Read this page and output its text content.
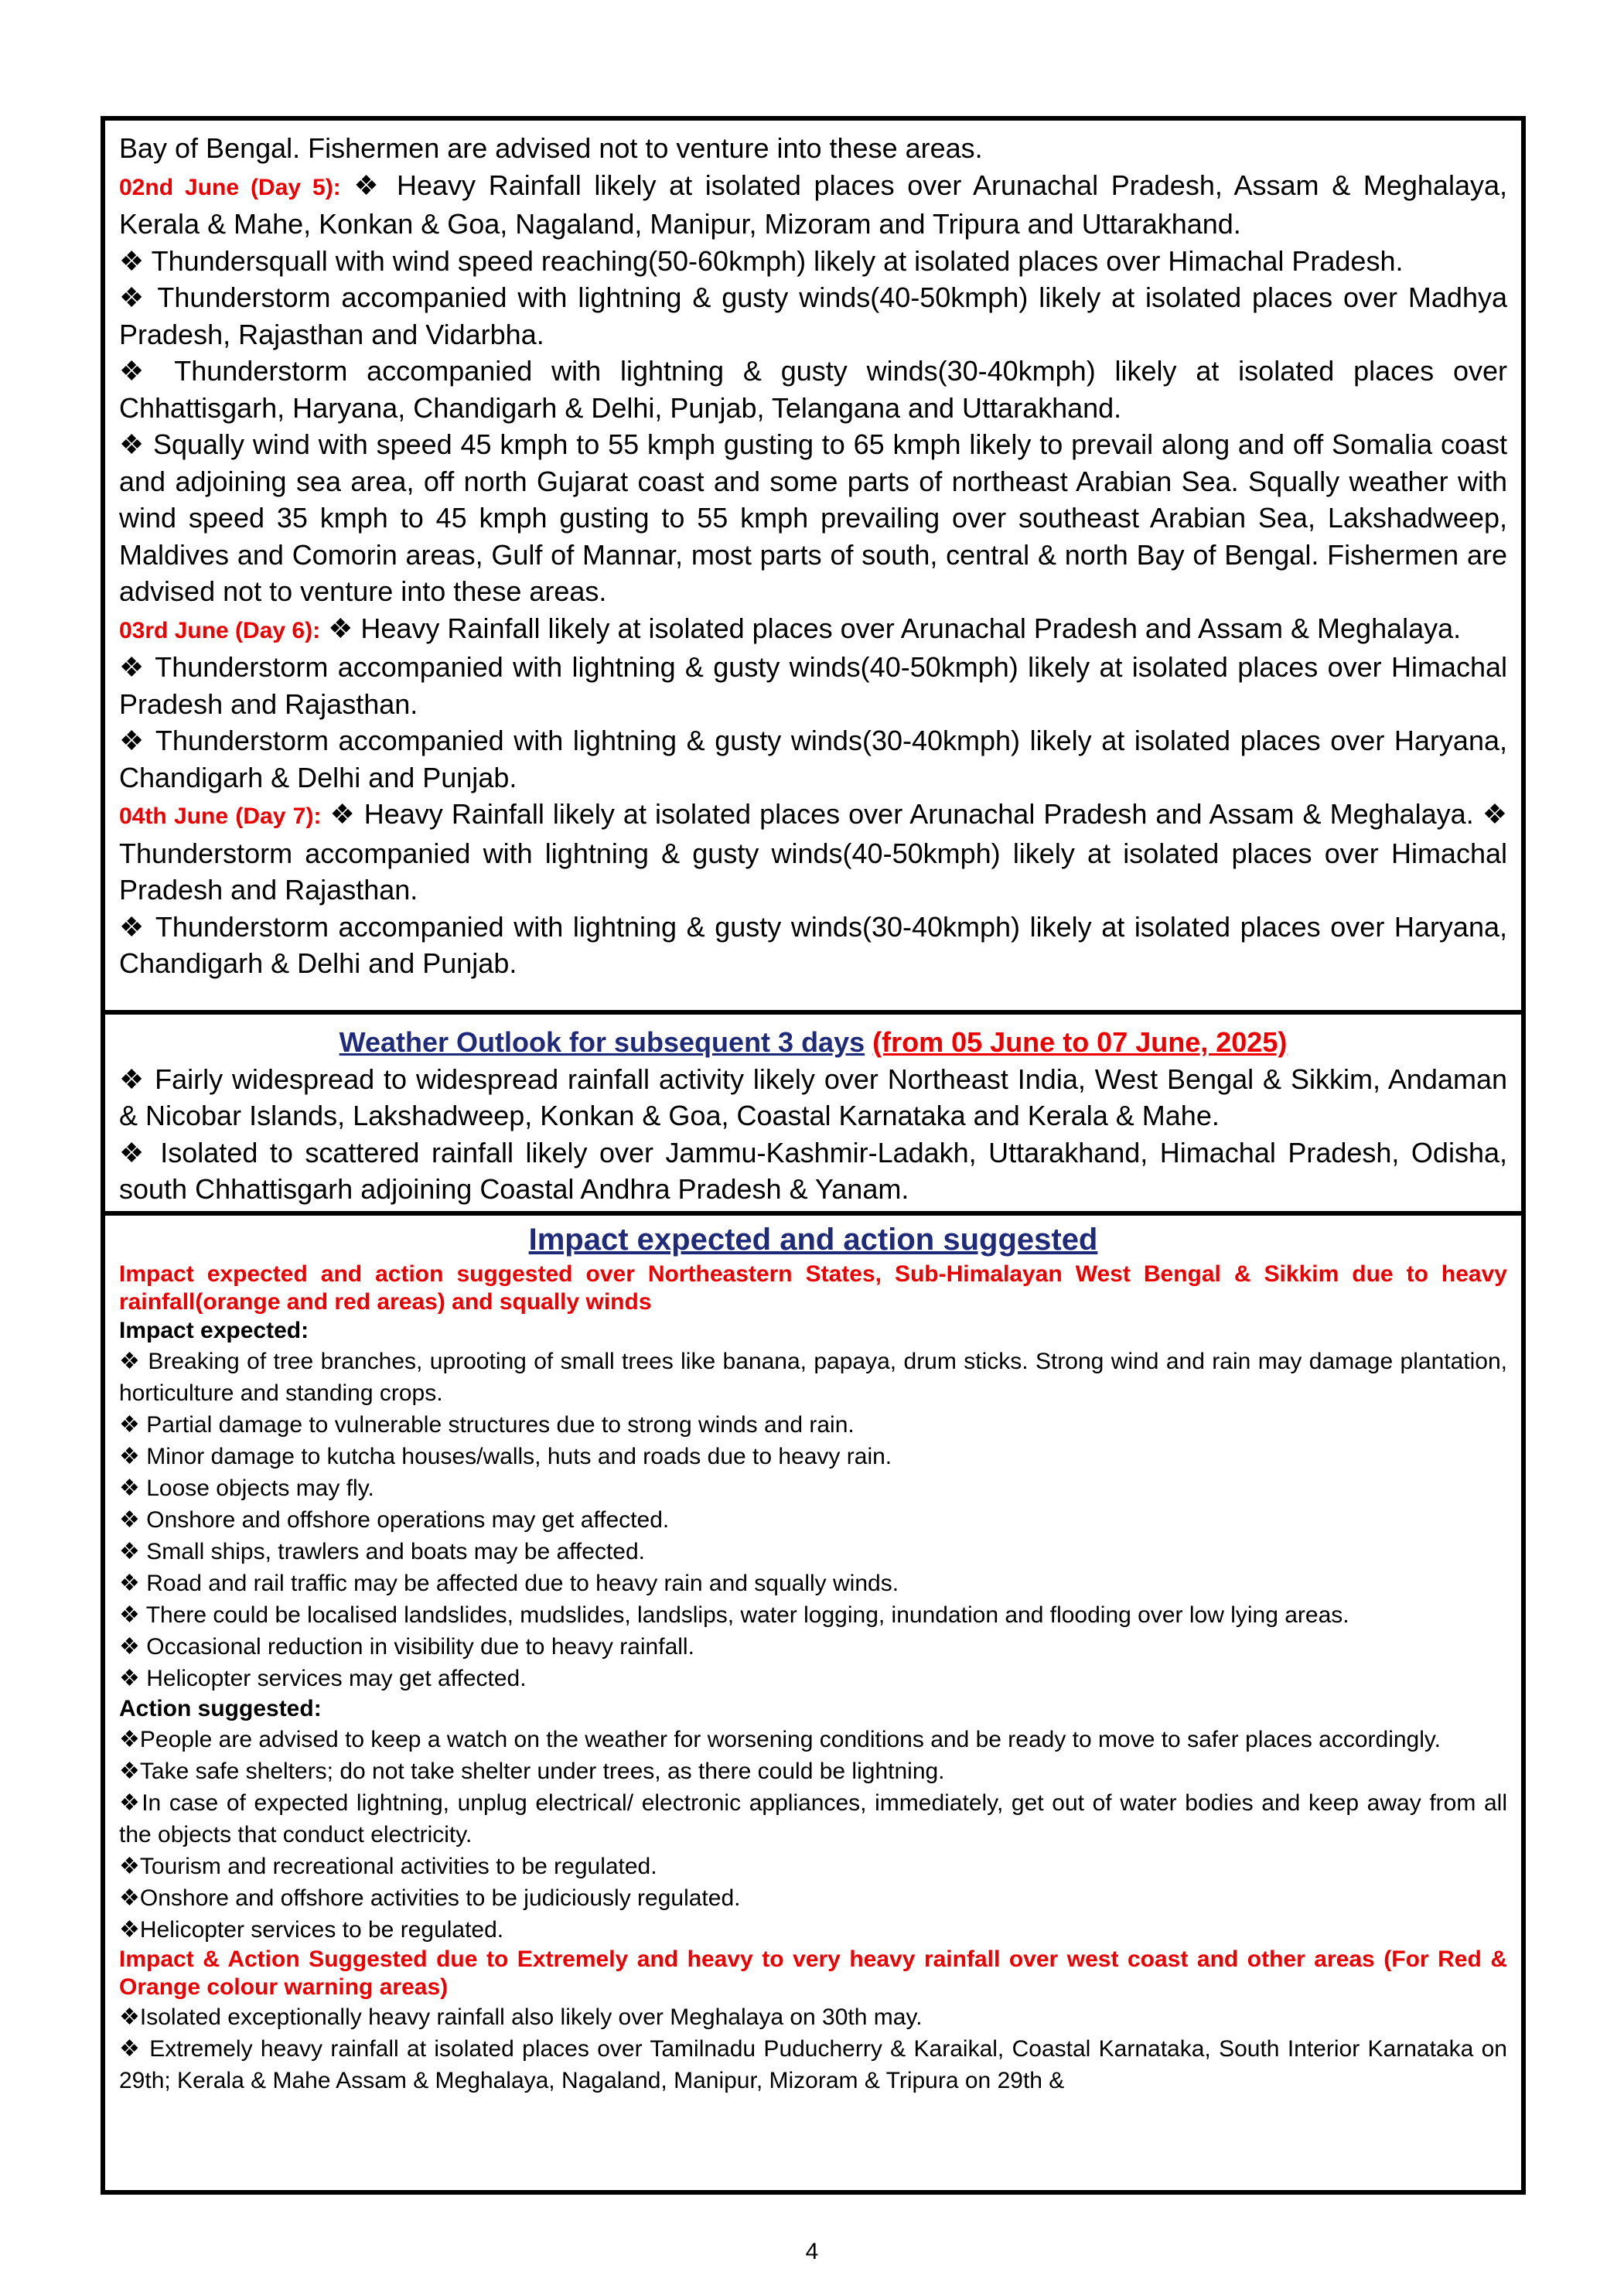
Bay of Bengal. Fishermen are advised not to venture into these areas.

02nd June (Day 5): ❖ Heavy Rainfall likely at isolated places over Arunachal Pradesh, Assam & Meghalaya, Kerala & Mahe, Konkan & Goa, Nagaland, Manipur, Mizoram and Tripura and Uttarakhand.

❖ Thundersquall with wind speed reaching(50-60kmph) likely at isolated places over Himachal Pradesh.

❖ Thunderstorm accompanied with lightning & gusty winds(40-50kmph) likely at isolated places over Madhya Pradesh, Rajasthan and Vidarbha.

❖ Thunderstorm accompanied with lightning & gusty winds(30-40kmph) likely at isolated places over Chhattisgarh, Haryana, Chandigarh & Delhi, Punjab, Telangana and Uttarakhand.

❖ Squally wind with speed 45 kmph to 55 kmph gusting to 65 kmph likely to prevail along and off Somalia coast and adjoining sea area, off north Gujarat coast and some parts of northeast Arabian Sea. Squally weather with wind speed 35 kmph to 45 kmph gusting to 55 kmph prevailing over southeast Arabian Sea, Lakshadweep, Maldives and Comorin areas, Gulf of Mannar, most parts of south, central & north Bay of Bengal. Fishermen are advised not to venture into these areas.

03rd June (Day 6): ❖ Heavy Rainfall likely at isolated places over Arunachal Pradesh and Assam & Meghalaya.

❖ Thunderstorm accompanied with lightning & gusty winds(40-50kmph) likely at isolated places over Himachal Pradesh and Rajasthan.

❖ Thunderstorm accompanied with lightning & gusty winds(30-40kmph) likely at isolated places over Haryana, Chandigarh & Delhi and Punjab.

04th June (Day 7): ❖ Heavy Rainfall likely at isolated places over Arunachal Pradesh and Assam & Meghalaya. ❖ Thunderstorm accompanied with lightning & gusty winds(40-50kmph) likely at isolated places over Himachal Pradesh and Rajasthan.

❖ Thunderstorm accompanied with lightning & gusty winds(30-40kmph) likely at isolated places over Haryana, Chandigarh & Delhi and Punjab.

Weather Outlook for subsequent 3 days (from 05 June to 07 June, 2025)

❖ Fairly widespread to widespread rainfall activity likely over Northeast India, West Bengal & Sikkim, Andaman & Nicobar Islands, Lakshadweep, Konkan & Goa, Coastal Karnataka and Kerala & Mahe.

❖ Isolated to scattered rainfall likely over Jammu-Kashmir-Ladakh, Uttarakhand, Himachal Pradesh, Odisha, south Chhattisgarh adjoining Coastal Andhra Pradesh & Yanam.

Impact expected and action suggested

Impact expected and action suggested over Northeastern States, Sub-Himalayan West Bengal & Sikkim due to heavy rainfall(orange and red areas) and squally winds

Impact expected:

❖ Breaking of tree branches, uprooting of small trees like banana, papaya, drum sticks. Strong wind and rain may damage plantation, horticulture and standing crops.

❖ Partial damage to vulnerable structures due to strong winds and rain.

❖ Minor damage to kutcha houses/walls, huts and roads due to heavy rain.

❖ Loose objects may fly.

❖ Onshore and offshore operations may get affected.

❖ Small ships, trawlers and boats may be affected.

❖ Road and rail traffic may be affected due to heavy rain and squally winds.

❖ There could be localised landslides, mudslides, landslips, water logging, inundation and flooding over low lying areas.

❖ Occasional reduction in visibility due to heavy rainfall.

❖ Helicopter services may get affected.

Action suggested:

❖People are advised to keep a watch on the weather for worsening conditions and be ready to move to safer places accordingly.

❖Take safe shelters; do not take shelter under trees, as there could be lightning.

❖In case of expected lightning, unplug electrical/ electronic appliances, immediately, get out of water bodies and keep away from all the objects that conduct electricity.

❖Tourism and recreational activities to be regulated.

❖Onshore and offshore activities to be judiciously regulated.

❖Helicopter services to be regulated.

Impact & Action Suggested due to Extremely and heavy to very heavy rainfall over west coast and other areas (For Red & Orange colour warning areas)

❖Isolated exceptionally heavy rainfall also likely over Meghalaya on 30th may.

❖ Extremely heavy rainfall at isolated places over Tamilnadu Puducherry & Karaikal, Coastal Karnataka, South Interior Karnataka on 29th; Kerala & Mahe Assam & Meghalaya, Nagaland, Manipur, Mizoram & Tripura on 29th &

4
